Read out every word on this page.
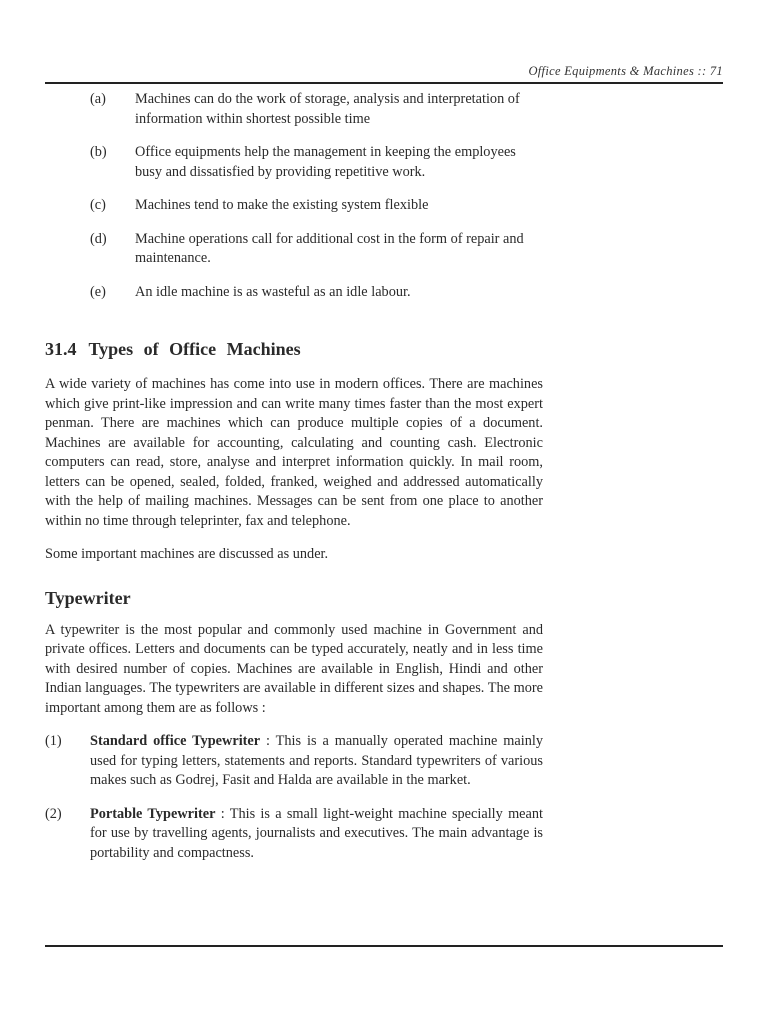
Office Equipments & Machines :: 71
(a)	Machines can do the work of storage, analysis and interpretation of information within shortest possible time
(b)	Office equipments help the management in keeping the employees busy and dissatisfied by providing repetitive work.
(c)	Machines tend to make the existing system flexible
(d)	Machine operations call for additional cost in the form of repair and maintenance.
(e)	An idle machine is as wasteful as an idle labour.
31.4 Types of Office Machines

A wide variety of machines has come into use in modern offices. There are machines which give print-like impression and can write many times faster than the most expert penman. There are machines which can produce multiple copies of a document. Machines are available for accounting, calculating and counting cash. Electronic computers can read, store, analyse and interpret information quickly. In mail room, letters can be opened, sealed, folded, franked, weighed and addressed automatically with the help of mailing machines. Messages can be sent from one place to another within no time through teleprinter, fax and telephone.

Some important machines are discussed as under.

Typewriter

A typewriter is the most popular and commonly used machine in Government and private offices. Letters and documents can be typed accurately, neatly and in less time with desired number of copies. Machines are available in English, Hindi and other Indian languages. The typewriters are available in different sizes and shapes. The more important among them are as follows :

(1)	Standard office Typewriter : This is a manually operated machine mainly used for typing letters, statements and reports. Standard typewriters of various makes such as Godrej, Fasit and Halda are available in the market.
(2)	Portable Typewriter : This is a small light-weight machine specially meant for use by travelling agents, journalists and executives. The main advantage is portability and compactness.
